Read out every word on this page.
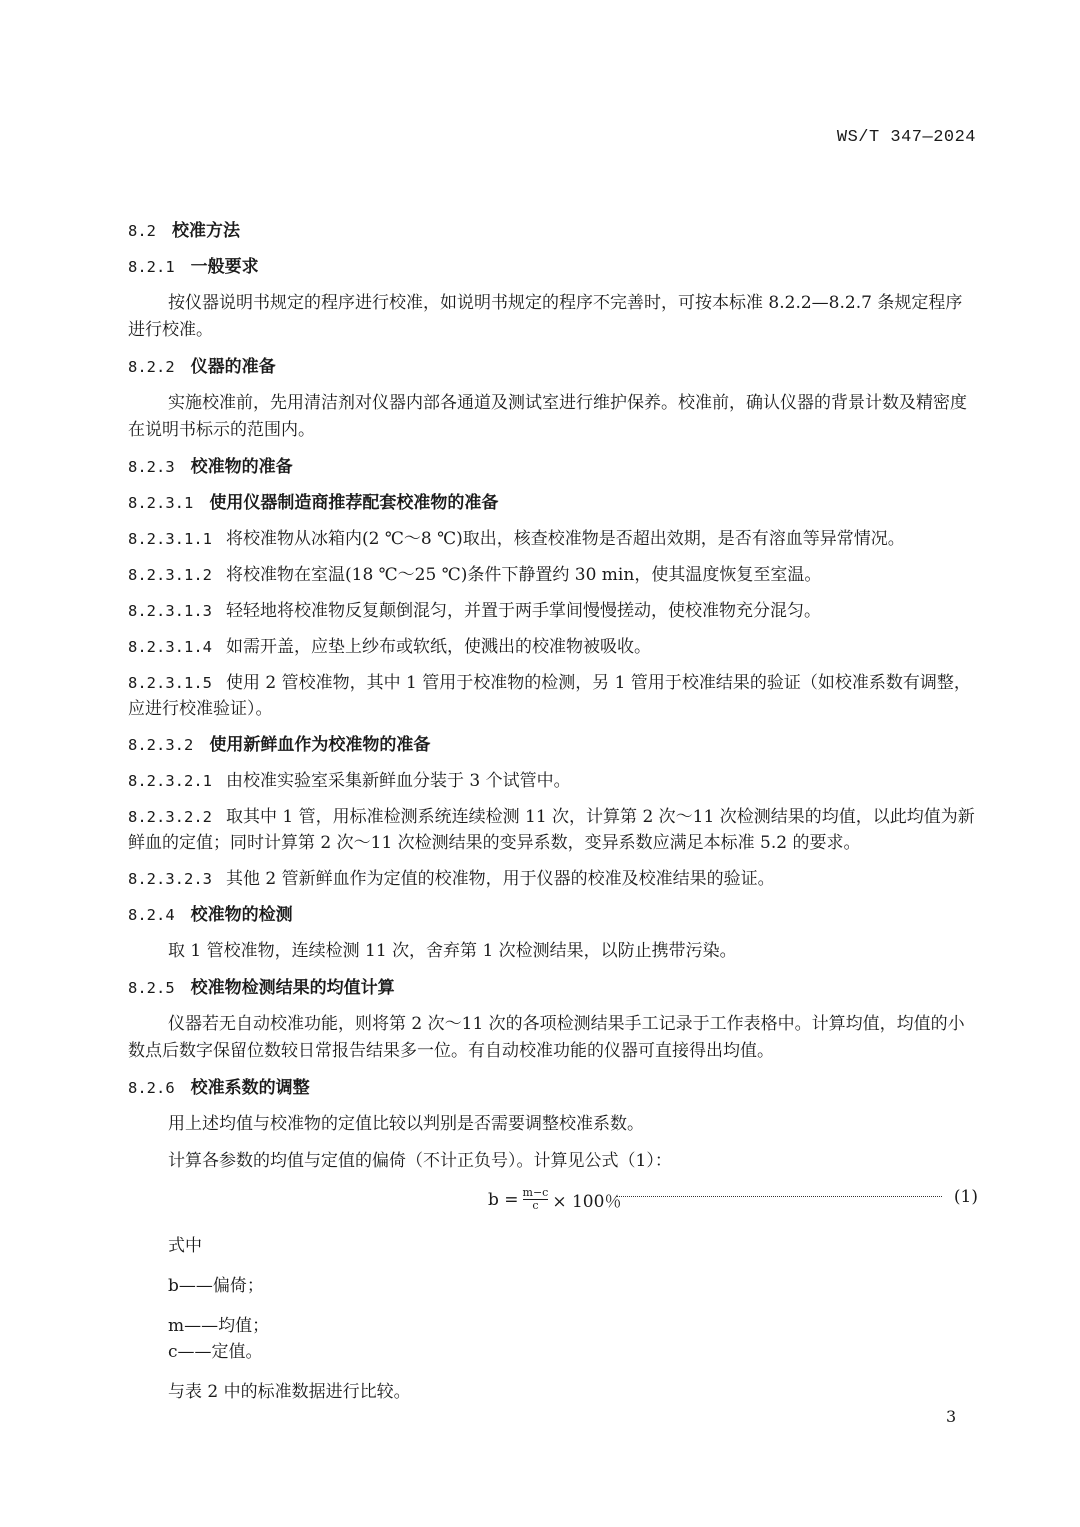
WS/T 347—2024
8.2 校准方法
8.2.1 一般要求
按仪器说明书规定的程序进行校准，如说明书规定的程序不完善时，可按本标准 8.2.2—8.2.7 条规定程序进行校准。
8.2.2 仪器的准备
实施校准前，先用清洁剂对仪器内部各通道及测试室进行维护保养。校准前，确认仪器的背景计数及精密度在说明书标示的范围内。
8.2.3 校准物的准备
8.2.3.1 使用仪器制造商推荐配套校准物的准备
8.2.3.1.1 将校准物从冰箱内(2 ℃～8 ℃)取出，核查校准物是否超出效期，是否有溶血等异常情况。
8.2.3.1.2 将校准物在室温(18 ℃～25 ℃)条件下静置约 30 min，使其温度恢复至室温。
8.2.3.1.3 轻轻地将校准物反复颠倒混匀，并置于两手掌间慢慢搓动，使校准物充分混匀。
8.2.3.1.4 如需开盖，应垫上纱布或软纸，使溅出的校准物被吸收。
8.2.3.1.5 使用 2 管校准物，其中 1 管用于校准物的检测，另 1 管用于校准结果的验证（如校准系数有调整，应进行校准验证）。
8.2.3.2 使用新鲜血作为校准物的准备
8.2.3.2.1 由校准实验室采集新鲜血分装于 3 个试管中。
8.2.3.2.2 取其中 1 管，用标准检测系统连续检测 11 次，计算第 2 次～11 次检测结果的均值，以此均值为新鲜血的定值；同时计算第 2 次～11 次检测结果的变异系数，变异系数应满足本标准 5.2 的要求。
8.2.3.2.3 其他 2 管新鲜血作为定值的校准物，用于仪器的校准及校准结果的验证。
8.2.4 校准物的检测
取 1 管校准物，连续检测 11 次，舍弃第 1 次检测结果，以防止携带污染。
8.2.5 校准物检测结果的均值计算
仪器若无自动校准功能，则将第 2 次～11 次的各项检测结果手工记录于工作表格中。计算均值，均值的小数点后数字保留位数较日常报告结果多一位。有自动校准功能的仪器可直接得出均值。
8.2.6 校准系数的调整
用上述均值与校准物的定值比较以判别是否需要调整校准系数。
计算各参数的均值与定值的偏倚（不计正负号）。计算见公式（1）：
$b = \frac{m-c}{c} \times 100$％	(1)
式中
b——偏倚；
m——均值；
c——定值。
与表 2 中的标准数据进行比较。
3
